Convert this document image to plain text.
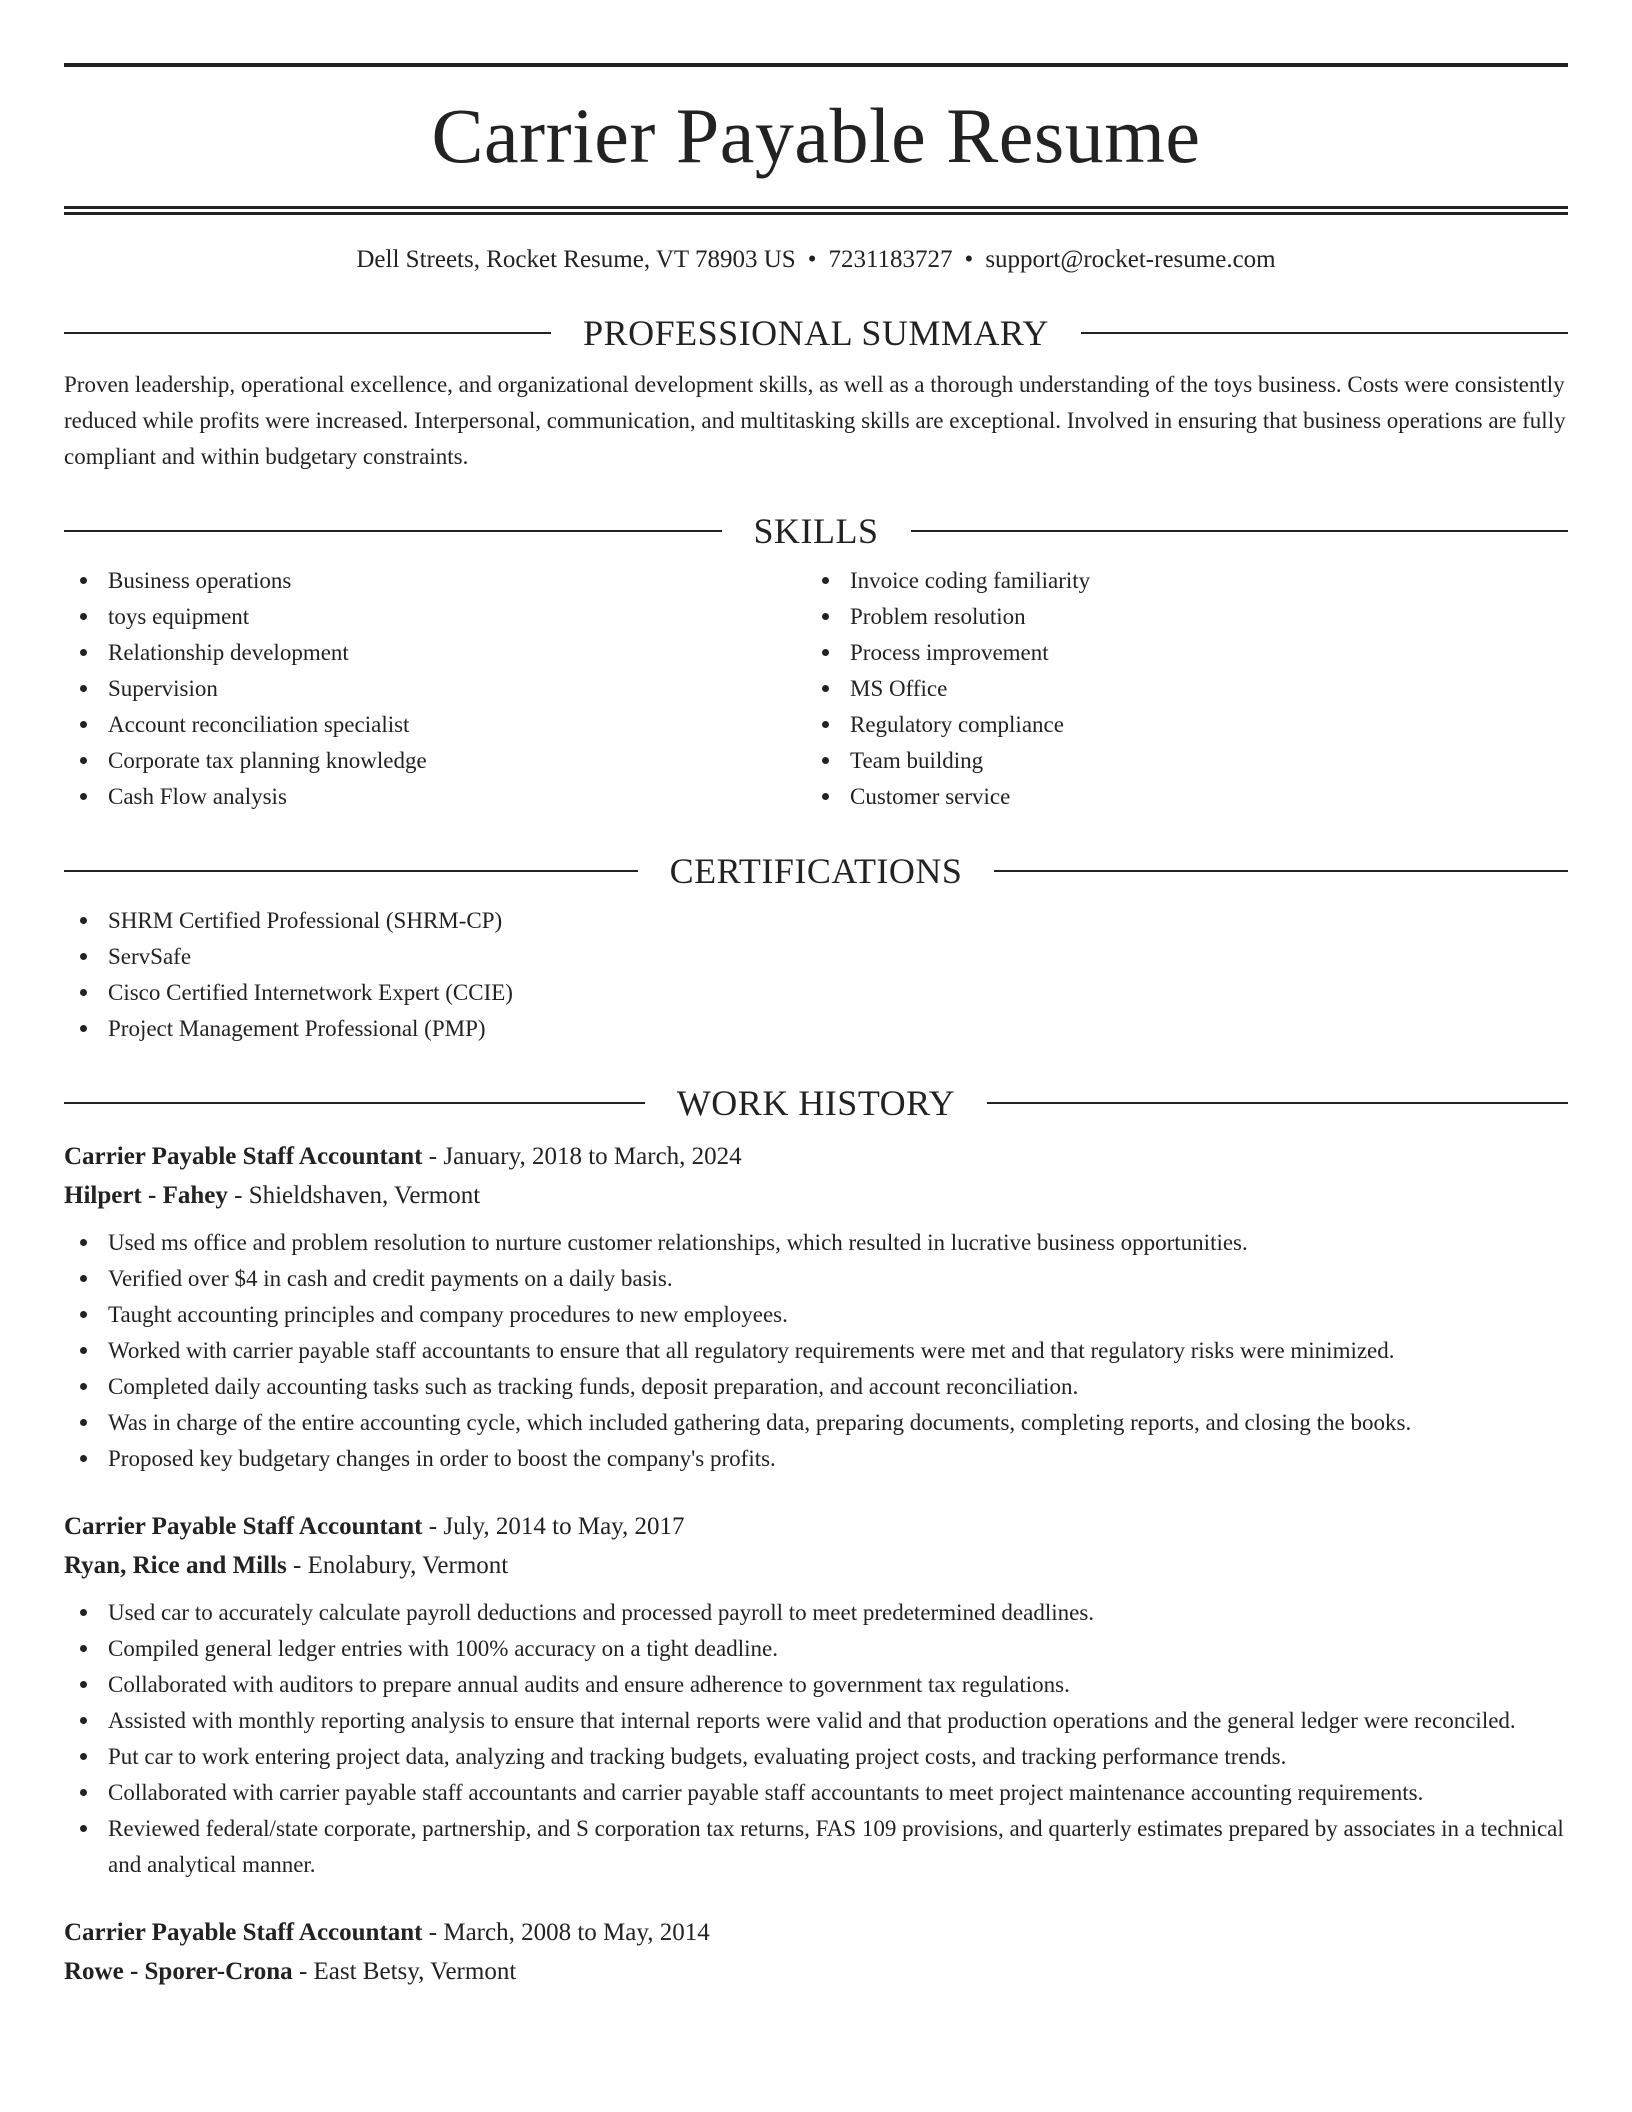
Carrier Payable Resume
Dell Streets, Rocket Resume, VT 78903 US • 7231183727 • support@rocket-resume.com
PROFESSIONAL SUMMARY

Proven leadership, operational excellence, and organizational development skills, as well as a thorough understanding of the toys business. Costs were consistently reduced while profits were increased. Interpersonal, communication, and multitasking skills are exceptional. Involved in ensuring that business operations are fully compliant and within budgetary constraints.

SKILLS
Business operations
toys equipment
Relationship development
Supervision
Account reconciliation specialist
Corporate tax planning knowledge
Cash Flow analysis
Invoice coding familiarity
Problem resolution
Process improvement
MS Office
Regulatory compliance
Team building
Customer service
CERTIFICATIONS
SHRM Certified Professional (SHRM-CP)
ServSafe
Cisco Certified Internetwork Expert (CCIE)
Project Management Professional (PMP)
WORK HISTORY
Carrier Payable Staff Accountant - January, 2018 to March, 2024
Hilpert - Fahey - Shieldshaven, Vermont
Used ms office and problem resolution to nurture customer relationships, which resulted in lucrative business opportunities.
Verified over $4 in cash and credit payments on a daily basis.
Taught accounting principles and company procedures to new employees.
Worked with carrier payable staff accountants to ensure that all regulatory requirements were met and that regulatory risks were minimized.
Completed daily accounting tasks such as tracking funds, deposit preparation, and account reconciliation.
Was in charge of the entire accounting cycle, which included gathering data, preparing documents, completing reports, and closing the books.
Proposed key budgetary changes in order to boost the company's profits.
Carrier Payable Staff Accountant - July, 2014 to May, 2017
Ryan, Rice and Mills - Enolabury, Vermont
Used car to accurately calculate payroll deductions and processed payroll to meet predetermined deadlines.
Compiled general ledger entries with 100% accuracy on a tight deadline.
Collaborated with auditors to prepare annual audits and ensure adherence to government tax regulations.
Assisted with monthly reporting analysis to ensure that internal reports were valid and that production operations and the general ledger were reconciled.
Put car to work entering project data, analyzing and tracking budgets, evaluating project costs, and tracking performance trends.
Collaborated with carrier payable staff accountants and carrier payable staff accountants to meet project maintenance accounting requirements.
Reviewed federal/state corporate, partnership, and S corporation tax returns, FAS 109 provisions, and quarterly estimates prepared by associates in a technical and analytical manner.
Carrier Payable Staff Accountant - March, 2008 to May, 2014
Rowe - Sporer-Crona - East Betsy, Vermont
